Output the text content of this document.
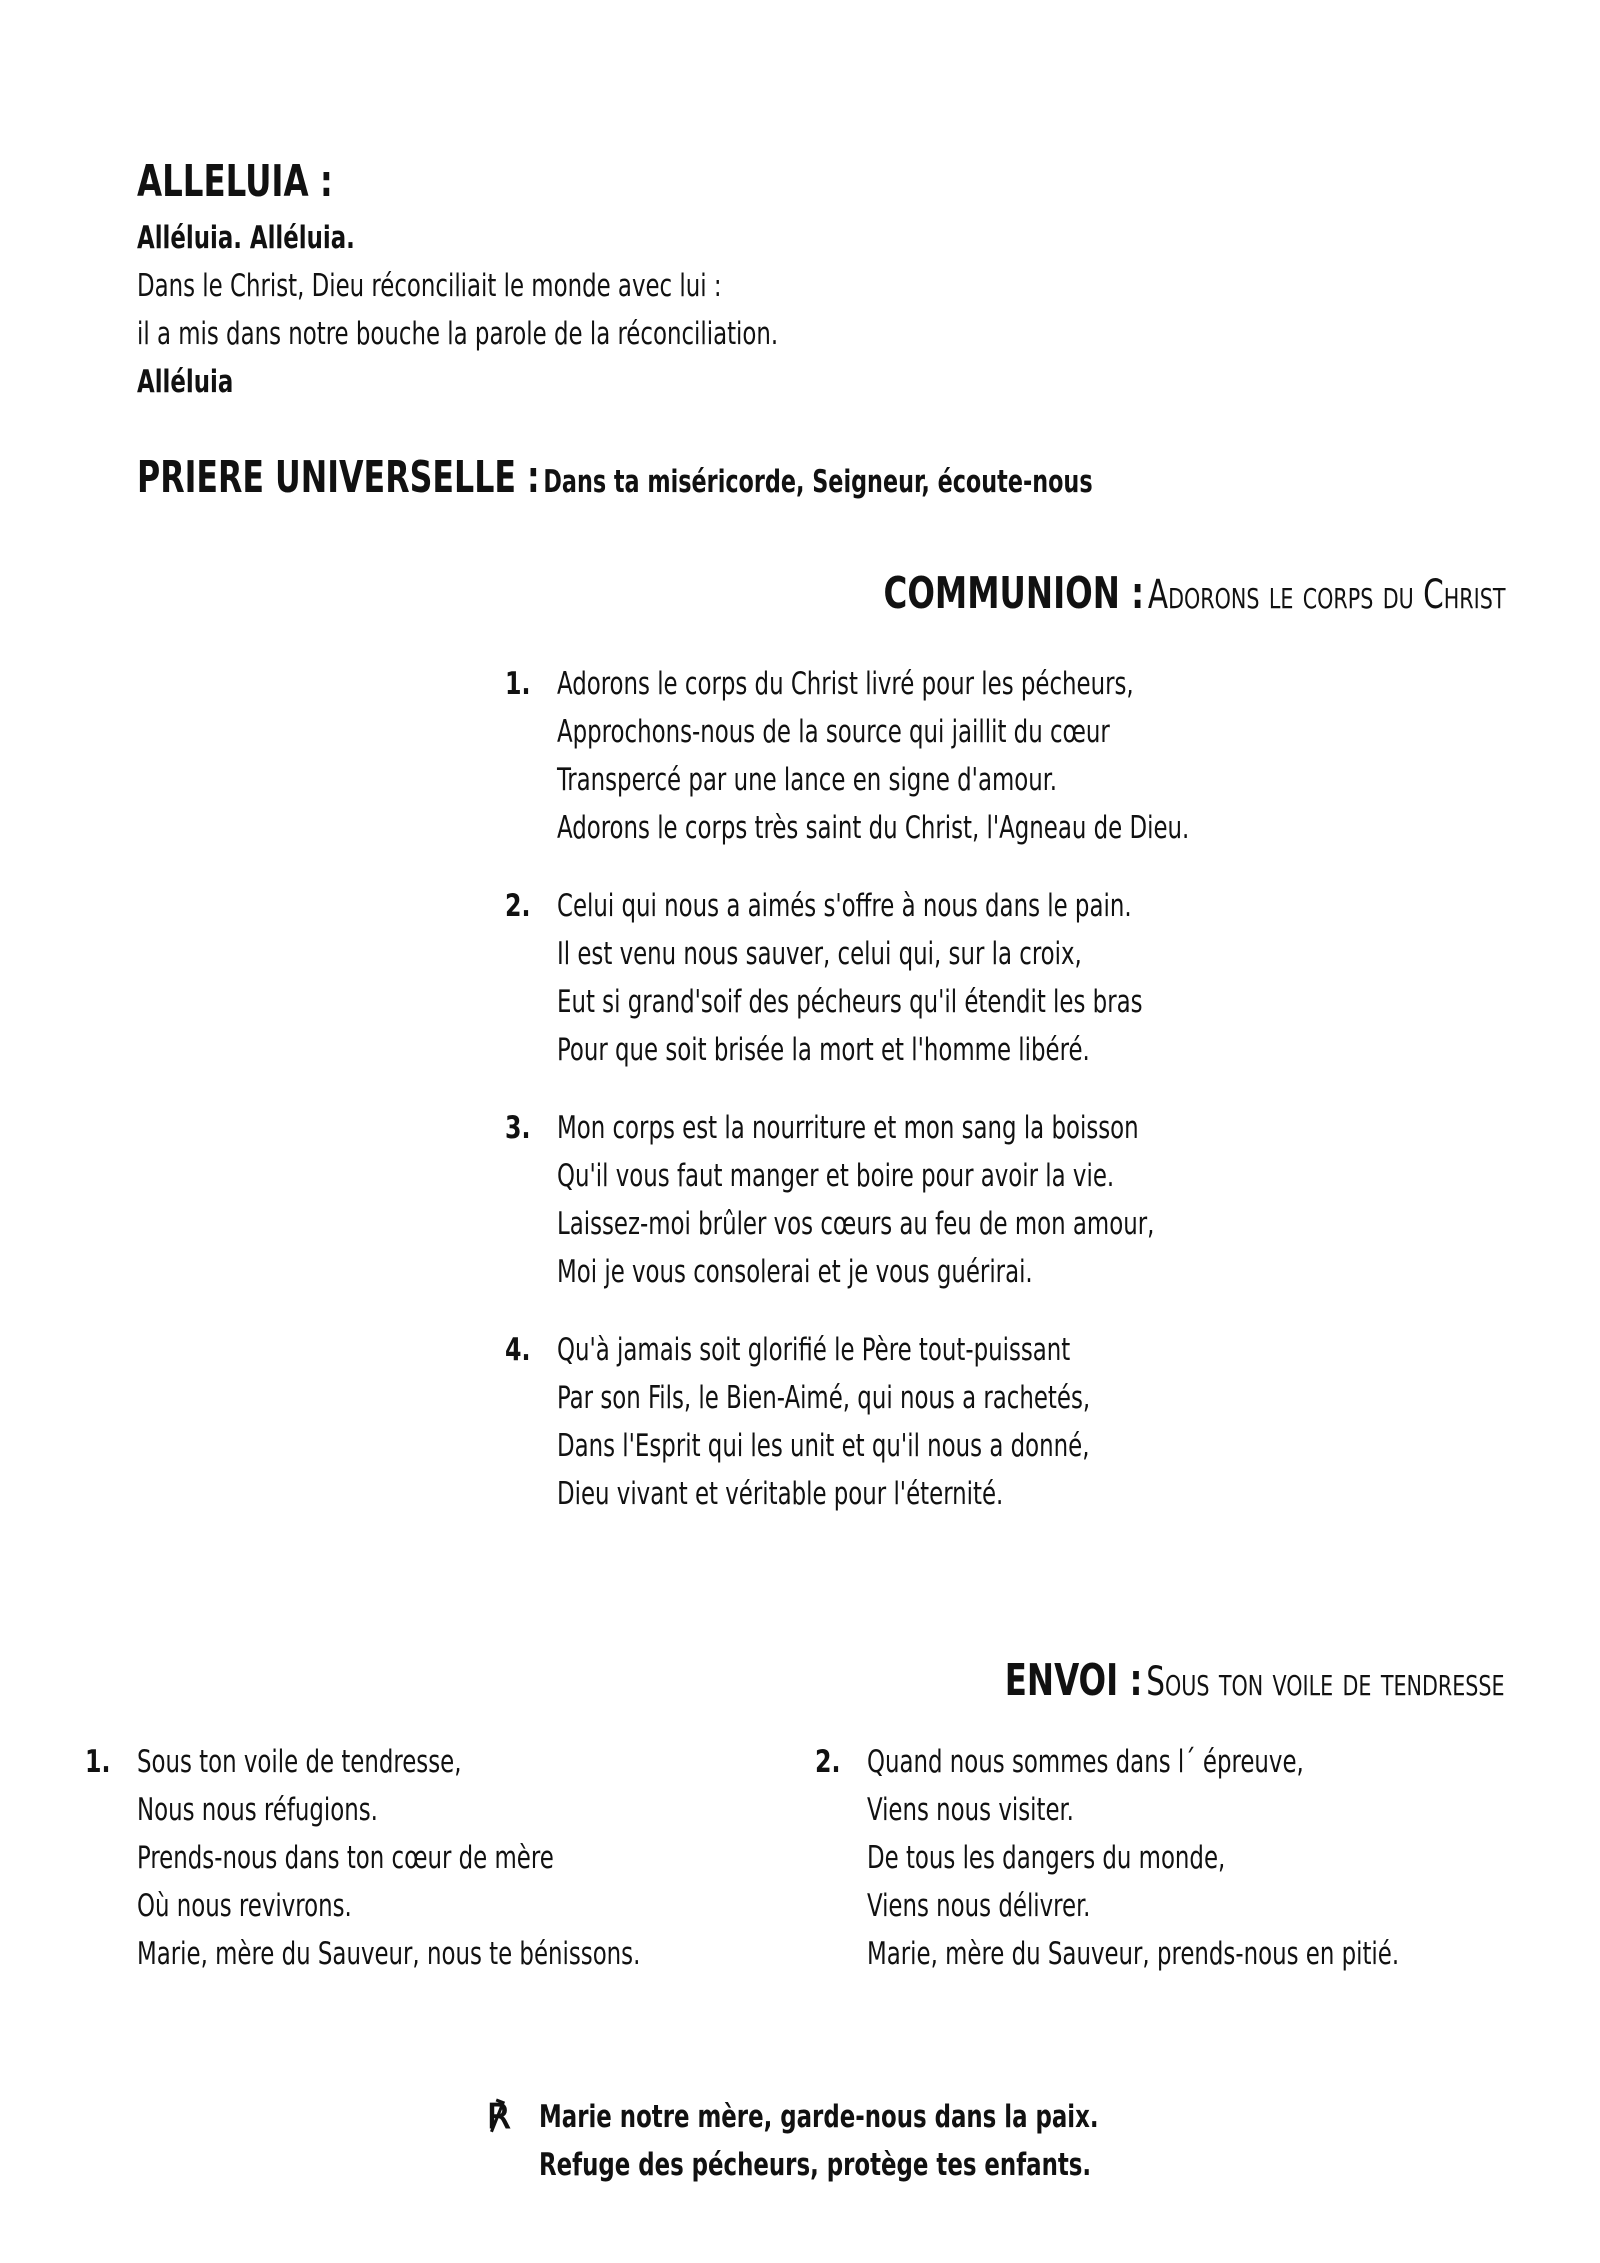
ALLELUIA :
Alléluia. Alléluia.
Dans le Christ, Dieu réconciliait le monde avec lui :
il a mis dans notre bouche la parole de la réconciliation.
Alléluia
PRIERE UNIVERSELLE : Dans ta miséricorde, Seigneur, écoute-nous
COMMUNION : Adorons le corps du Christ
1. Adorons le corps du Christ livré pour les pécheurs,
Approchons-nous de la source qui jaillit du cœur
Transpercé par une lance en signe d'amour.
Adorons le corps très saint du Christ, l'Agneau de Dieu.
2. Celui qui nous a aimés s'offre à nous dans le pain.
Il est venu nous sauver, celui qui, sur la croix,
Eut si grand'soif des pécheurs qu'il étendit les bras
Pour que soit brisée la mort et l'homme libéré.
3. Mon corps est la nourriture et mon sang la boisson
Qu'il vous faut manger et boire pour avoir la vie.
Laissez-moi brûler vos cœurs au feu de mon amour,
Moi je vous consolerai et je vous guérirai.
4. Qu'à jamais soit glorifié le Père tout-puissant
Par son Fils, le Bien-Aimé, qui nous a rachetés,
Dans l'Esprit qui les unit et qu'il nous a donné,
Dieu vivant et véritable pour l'éternité.
ENVOI : Sous ton voile de tendresse
1. Sous ton voile de tendresse,
Nous nous réfugions.
Prends-nous dans ton cœur de mère
Où nous revivrons.
Marie, mère du Sauveur, nous te bénissons.
2. Quand nous sommes dans l´ épreuve,
Viens nous visiter.
De tous les dangers du monde,
Viens nous délivrer.
Marie, mère du Sauveur, prends-nous en pitié.
℟ Marie notre mère, garde-nous dans la paix.
Refuge des pécheurs, protège tes enfants.
